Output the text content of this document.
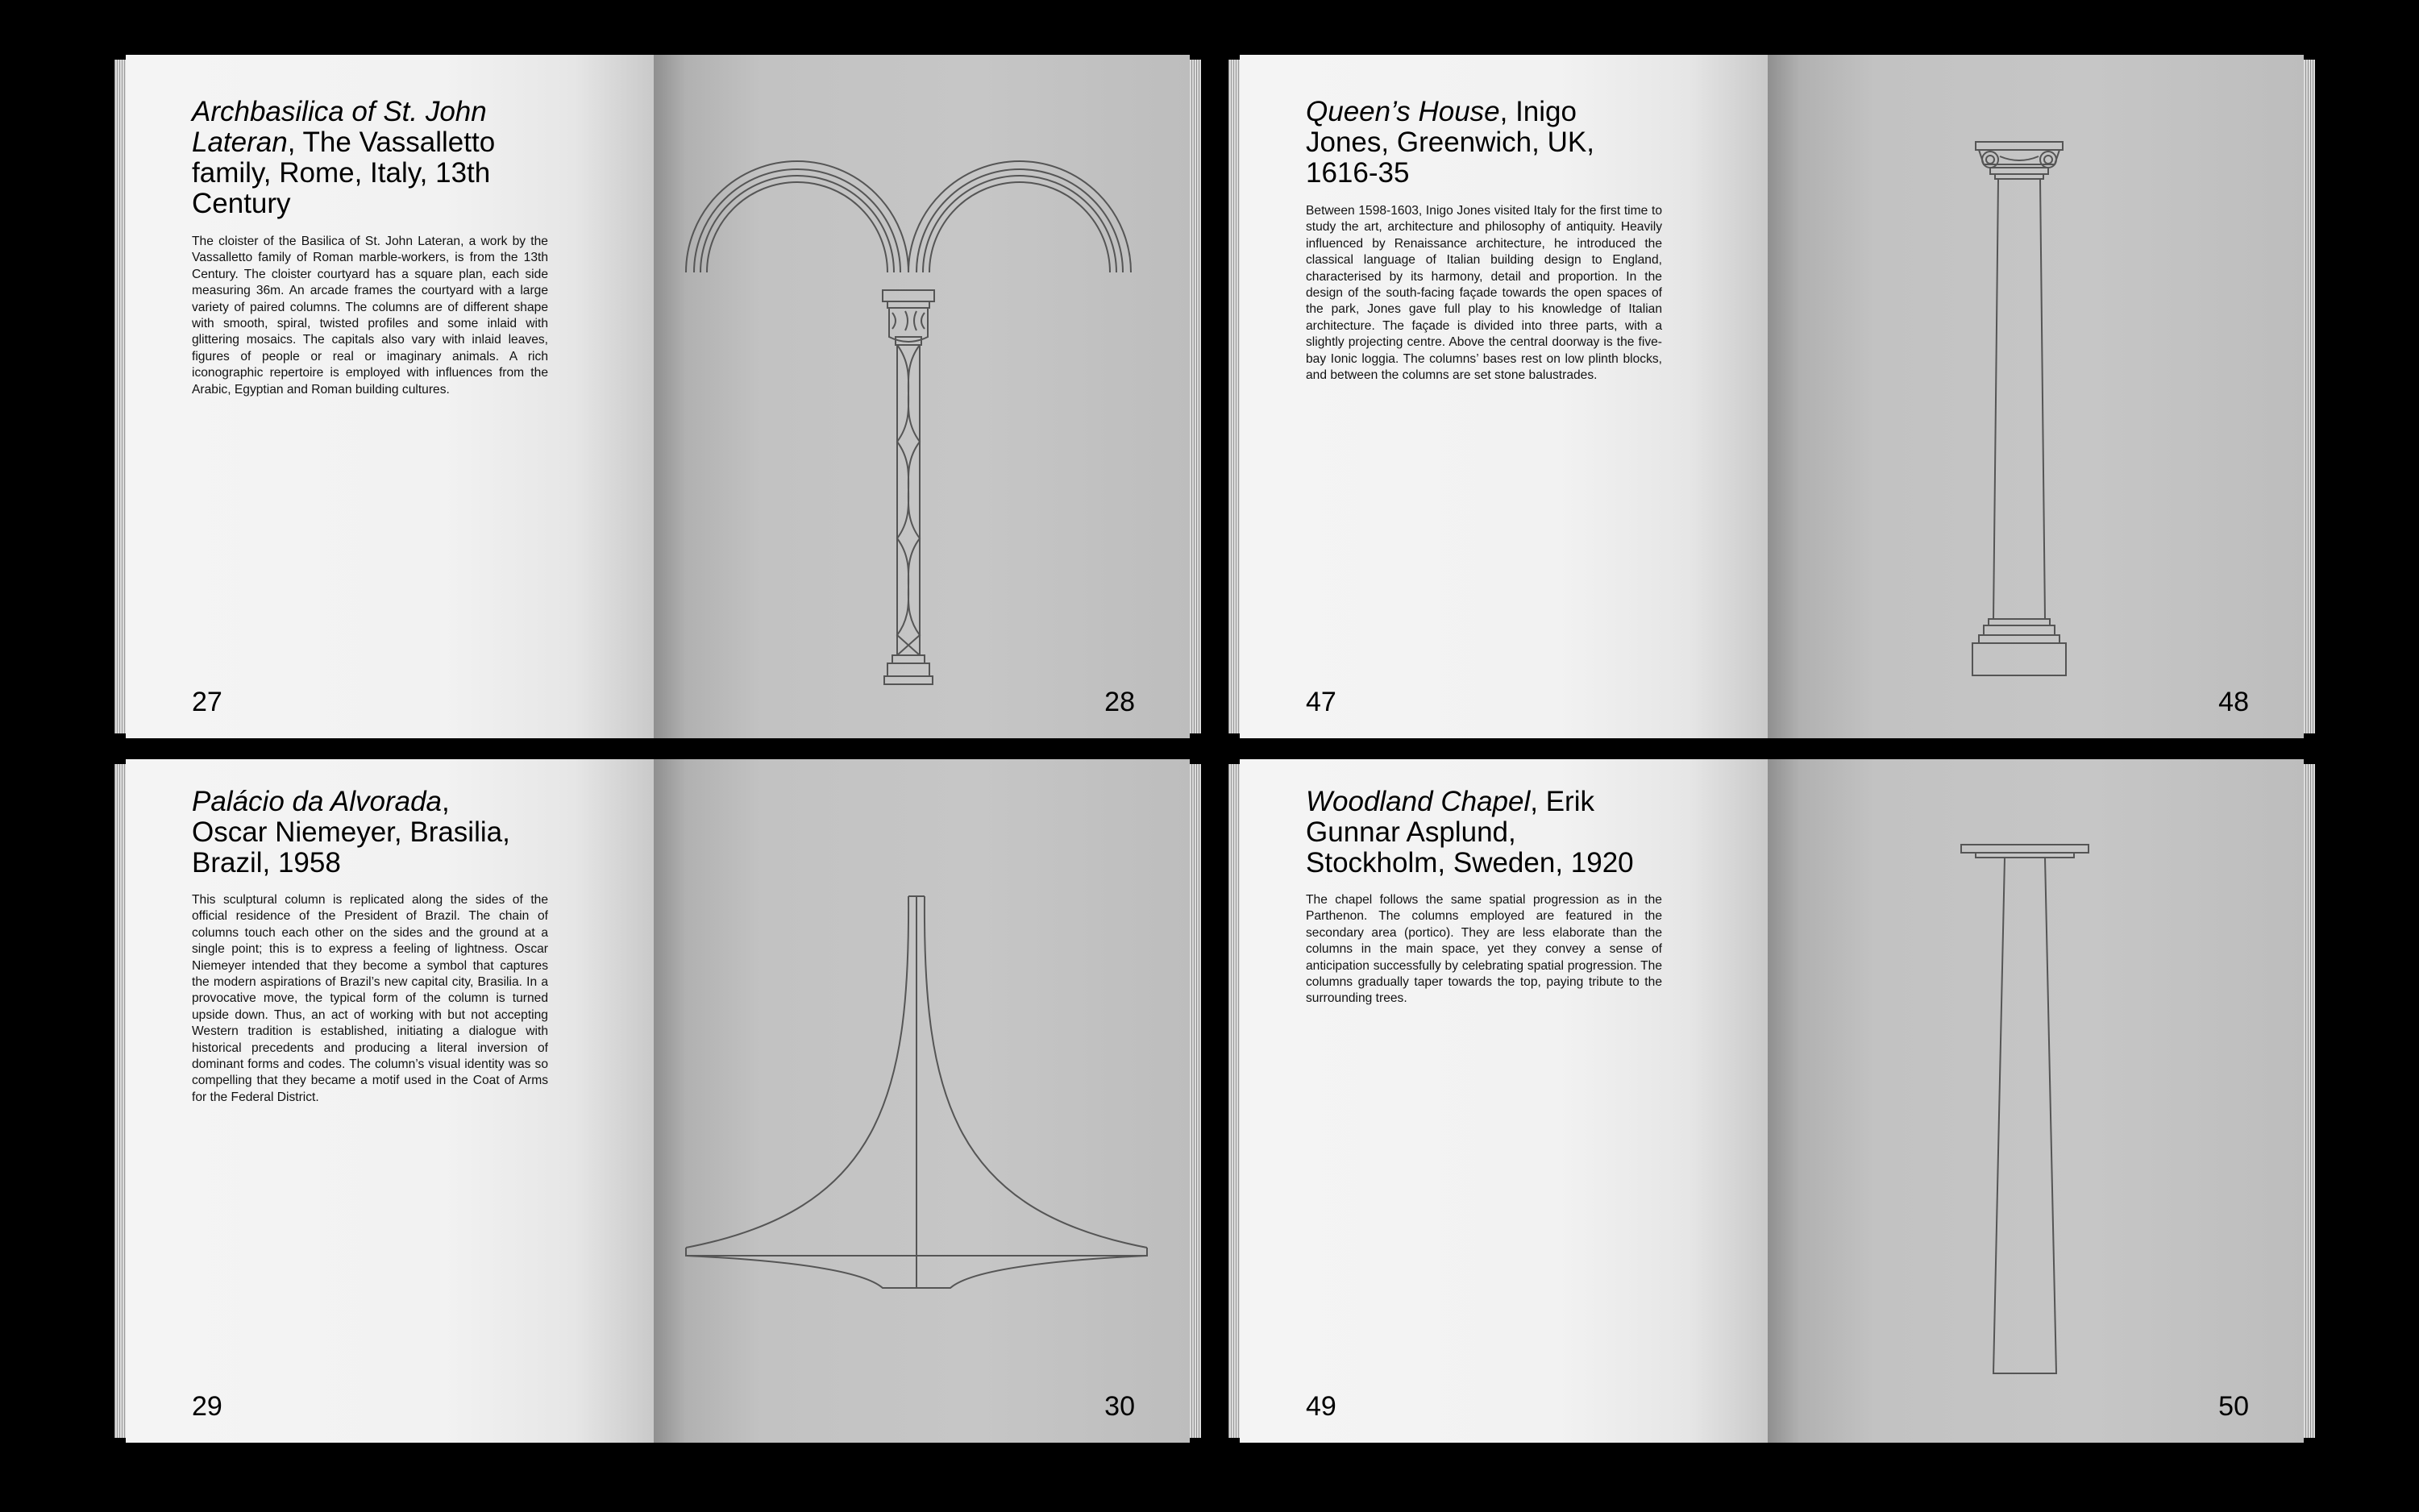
Archbasilica of St. John Lateran, The Vassalletto family, Rome, Italy, 13th Century

The cloister of the Basilica of St. John Lateran, a work by the Vassalletto family of Roman marble-workers, is from the 13th Century. The cloister courtyard has a square plan, each side measuring 36m. An arcade frames the courtyard with a large variety of paired columns. The columns are of different shape with smooth, spiral, twisted profiles and some inlaid with glittering mosaics. The capitals also vary with inlaid leaves, figures of people or real or imaginary animals. A rich iconographic repertoire is employed with influences from the Arabic, Egyptian and Roman building cultures.

27	28
Queen’s House, Inigo Jones, Greenwich, UK, 1616-35

Between 1598-1603, Inigo Jones visited Italy for the first time to study the art, architecture and philosophy of antiquity. Heavily influenced by Renaissance architecture, he introduced the classical language of Italian building design to England, characterised by its harmony, detail and proportion. In the design of the south-facing façade towards the open spaces of the park, Jones gave full play to his knowledge of Italian architecture. The façade is divided into three parts, with a slightly projecting centre. Above the central doorway is the five-bay Ionic loggia. The columns’ bases rest on low plinth blocks, and between the columns are set stone balustrades.

47	48
Palácio da Alvorada, Oscar Niemeyer, Brasilia, Brazil, 1958

This sculptural column is replicated along the sides of the official residence of the President of Brazil. The chain of columns touch each other on the sides and the ground at a single point; this is to express a feeling of lightness. Oscar Niemeyer intended that they become a symbol that captures the modern aspirations of Brazil’s new capital city, Brasilia. In a provocative move, the typical form of the column is turned upside down. Thus, an act of working with but not accepting Western tradition is established, initiating a dialogue with historical precedents and producing a literal inversion of dominant forms and codes. The column’s visual identity was so compelling that they became a motif used in the Coat of Arms for the Federal District.

29	30
Woodland Chapel, Erik Gunnar Asplund, Stockholm, Sweden, 1920

The chapel follows the same spatial progression as in the Parthenon. The columns employed are featured in the secondary area (portico). They are less elaborate than the columns in the main space, yet they convey a sense of anticipation successfully by celebrating spatial progression. The columns gradually taper towards the top, paying tribute to the surrounding trees.

49	50
